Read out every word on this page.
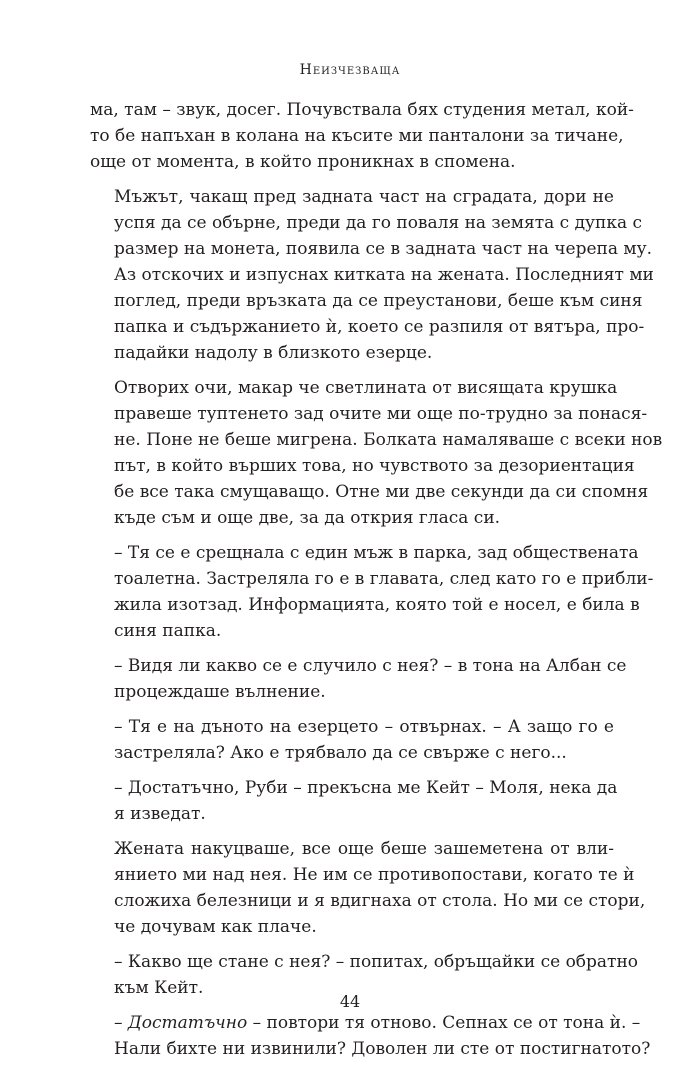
Неизчезваща

ма, там – звук, досег. Почувствала бях студения метал, кой-
то бе напъхан в колана на късите ми панталони за тичане,
още от момента, в който проникнах в спомена.

Мъжът, чакащ пред задната част на сградата, дори не
успя да се обърне, преди да го поваля на земята с дупка с
размер на монета, появила се в задната част на черепа му.
Аз отскочих и изпуснах китката на жената. Последният ми
поглед, преди връзката да се преустанови, беше към синя
папка и съдържанието ѝ, което се разпиля от вятъра, про-
падайки надолу в близкото езерце.

Отворих очи, макар че светлината от висящата крушка
правеше туптенето зад очите ми още по-трудно за понася-
не. Поне не беше мигрена. Болката намаляваше с всеки нов
път, в който върших това, но чувството за дезориентация
бе все така смущаващо. Отне ми две секунди да си спомня
къде съм и още две, за да открия гласа си.

– Тя се е срещнала с един мъж в парка, зад обществената
тоалетна. Застреляла го е в главата, след като го е прибли-
жила изотзад. Информацията, която той е носел, е била в
синя папка.

– Видя ли какво се е случило с нея? – в тона на Албан се
процеждаше вълнение.

– Тя е на дъното на езерцето – отвърнах. – А защо го е
застреляла? Ако е трябвало да се свърже с него...

– Достатъчно, Руби – прекъсна ме Кейт – Моля, нека да
я изведат.

Жената накуцваше, все още беше зашеметена от вли-
янието ми над нея. Не им се противопостави, когато те ѝ
сложиха белезници и я вдигнаха от стола. Но ми се стори,
че дочувам как плаче.

– Какво ще стане с нея? – попитах, обръщайки се обратно
към Кейт.

– Достатъчно – повтори тя отново. Сепнах се от тона ѝ. –
Нали бихте ни извинили? Доволен ли сте от постигнатото?

44
